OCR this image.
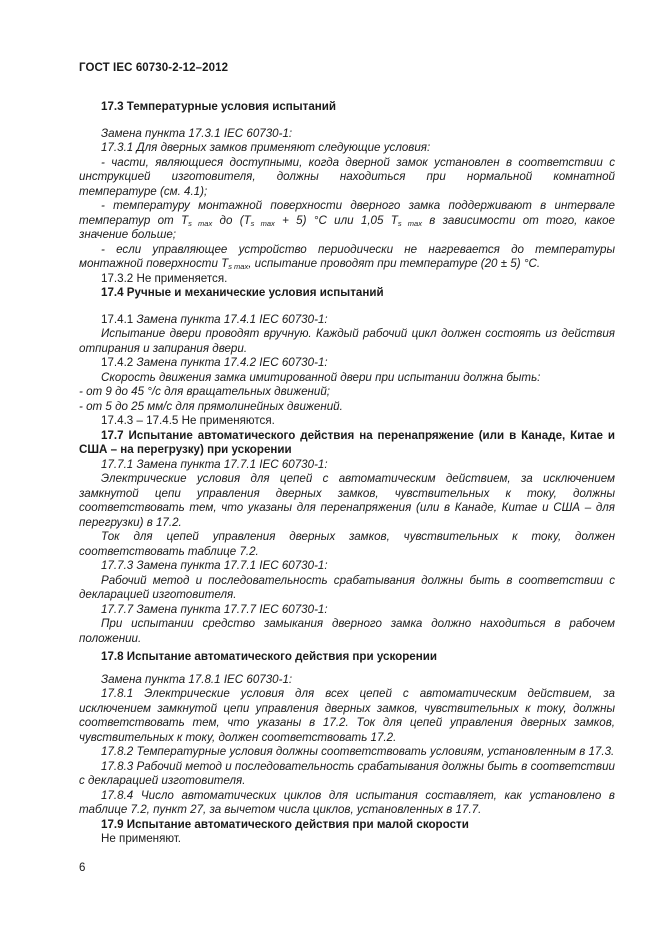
ГОСТ IEC 60730-2-12–2012

17.3 Температурные условия испытаний

Замена пункта 17.3.1 IEC 60730-1:

17.3.1 Для дверных замков применяют следующие условия:

- части, являющиеся доступными, когда дверной замок установлен в соответствии с

инструкцией изготовителя, должны находиться при нормальной комнатной

температуре (см. 4.1);

- температуру монтажной поверхности дверного замка поддерживают в интервале

температур от $T_{s max}$ до $(T_{s max} + 5)$ °C или 1,05 $T_{s max}$ в зависимости от того, какое

значение больше;

- если управляющее устройство периодически не нагревается до температуры

монтажной поверхности $T_{s max}$, испытание проводят при температуре (20 ± 5) °C.

17.3.2 Не применяется.

17.4 Ручные и механические условия испытаний

17.4.1 Замена пункта 17.4.1 IEC 60730-1:

Испытание двери проводят вручную. Каждый рабочий цикл должен состоять из действия отпирания и запирания двери.

17.4.2 Замена пункта 17.4.2 IEC 60730-1:

Скорость движения замка имитированной двери при испытании должна быть:

- от 9 до 45 °/c для вращательных движений;

- от 5 до 25 мм/с для прямолинейных движений.

17.4.3 – 17.4.5 Не применяются.

17.7 Испытание автоматического действия на перенапряжение (или в Канаде, Китае и США – на перегрузку) при ускорении

17.7.1 Замена пункта 17.7.1 IEC 60730-1:

Электрические условия для цепей с автоматическим действием, за исключением замкнутой цепи управления дверных замков, чувствительных к току, должны соответствовать тем, что указаны для перенапряжения (или в Канаде, Китае и США – для перегрузки) в 17.2.

Ток для цепей управления дверных замков, чувствительных к току, должен соответствовать таблице 7.2.

17.7.3 Замена пункта 17.7.1 IEC 60730-1:

Рабочий метод и последовательность срабатывания должны быть в соответствии с декларацией изготовителя.

17.7.7 Замена пункта 17.7.7 IEC 60730-1:

При испытании средство замыкания дверного замка должно находиться в рабочем положении.

17.8 Испытание автоматического действия при ускорении

Замена пункта 17.8.1 IEC 60730-1:

17.8.1 Электрические условия для всех цепей с автоматическим действием, за исключением замкнутой цепи управления дверных замков, чувствительных к току, должны соответствовать тем, что указаны в 17.2. Ток для цепей управления дверных замков, чувствительных к току, должен соответствовать 17.2.

17.8.2 Температурные условия должны соответствовать условиям, установленным в 17.3.

17.8.3 Рабочий метод и последовательность срабатывания должны быть в соответствии с декларацией изготовителя.

17.8.4 Число автоматических циклов для испытания составляет, как установлено в таблице 7.2, пункт 27, за вычетом числа циклов, установленных в 17.7.

17.9 Испытание автоматического действия при малой скорости

Не применяют.

6
